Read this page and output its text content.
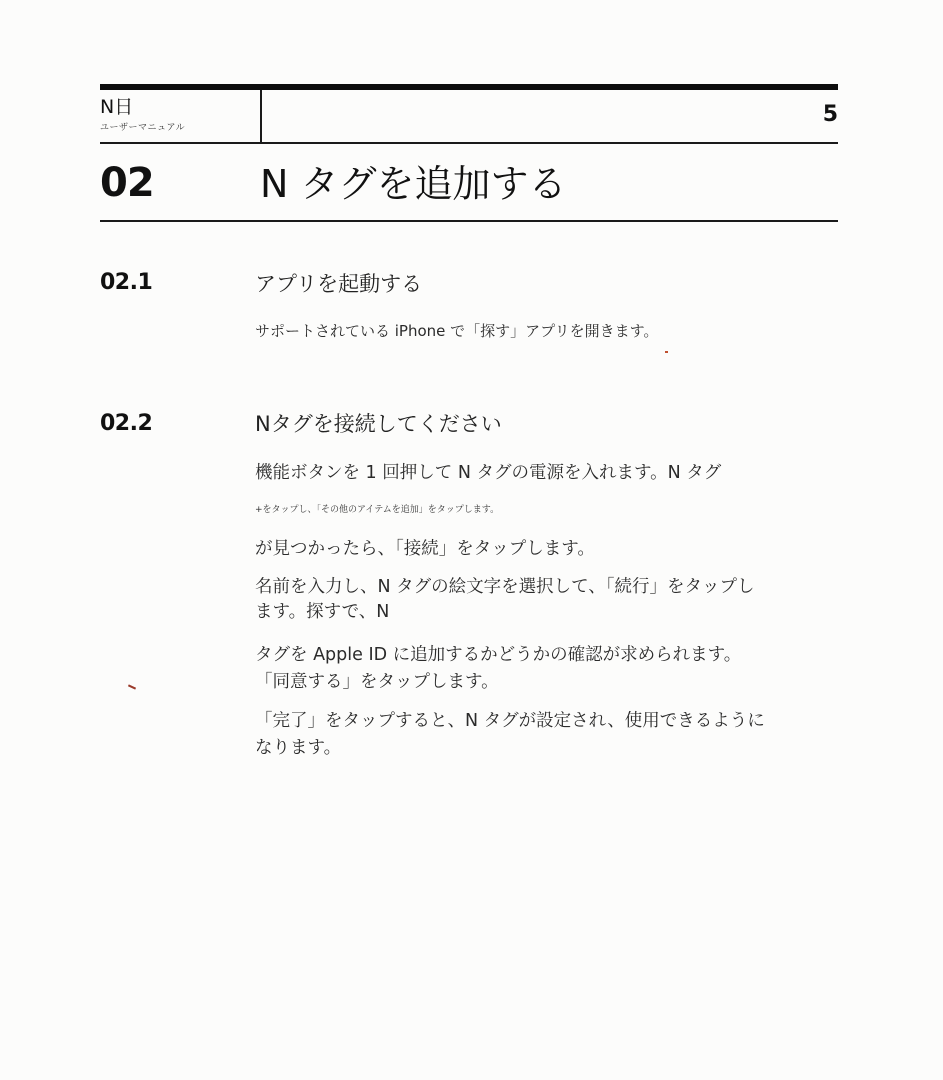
N日
ユーザーマニュアル
5
02	N タグを追加する
02.1	アプリを起動する
サポートされている iPhone で「探す」アプリを開きます。
02.2	Nタグを接続してください
機能ボタンを 1 回押して N タグの電源を入れます。N タグ
+をタップし、「その他のアイテムを追加」をタップします。
が見つかったら、「接続」をタップします。
名前を入力し、N タグの絵文字を選択して、「続行」をタップし
ます。探すで、N
タグを Apple ID に追加するかどうかの確認が求められます。
「同意する」をタップします。
「完了」をタップすると、N タグが設定され、使用できるように
なります。
